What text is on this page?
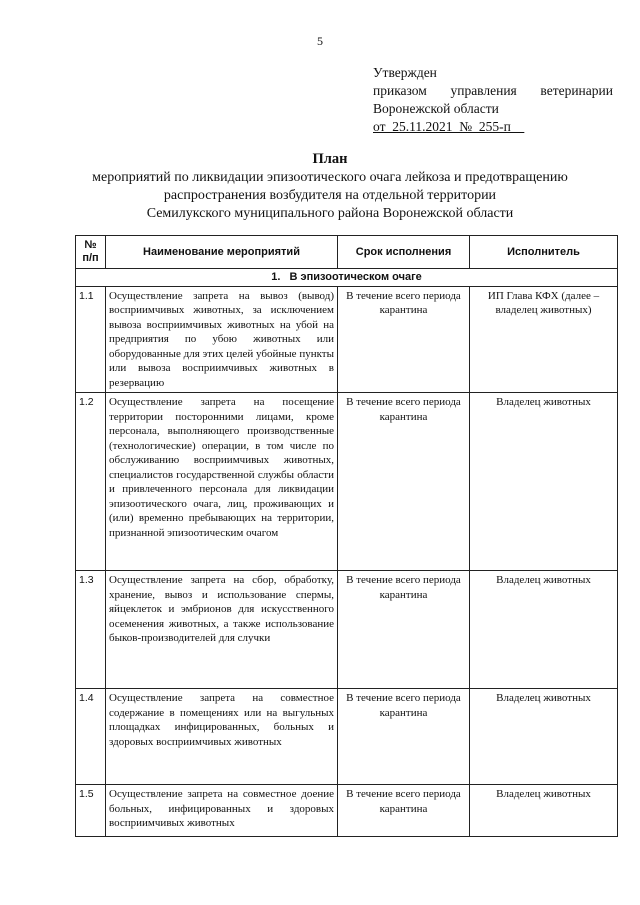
5
Утвержден
приказом управления ветеринарии
Воронежской области
от  25.11.2021  №  255-п
План
мероприятий по ликвидации эпизоотического очага лейкоза и предотвращению
распространения возбудителя на отдельной территории
Семилукского муниципального района Воронежской области
№
п/п	Наименование мероприятий	Срок исполнения	Исполнитель
1.   В эпизоотическом очаге			
1.1	Осуществление запрета на вывоз (вывод) восприимчивых животных, за исключением вывоза восприимчивых животных на убой на предприятия по убою животных или оборудованные для этих целей убойные пункты или вывоза восприимчивых животных в резервацию	В течение всего периода карантина	ИП Глава КФХ (далее – владелец животных)
1.2	Осуществление запрета на посещение территории посторонними лицами, кроме персонала, выполняющего производственные (технологические) операции, в том числе по обслуживанию восприимчивых животных, специалистов государственной службы области и привлеченного персонала для ликвидации эпизоотического очага, лиц, проживающих и (или) временно пребывающих на территории, признанной эпизоотическим очагом	В течение всего периода карантина	Владелец животных
1.3	Осуществление запрета на сбор, обработку, хранение, вывоз и использование спермы, яйцеклеток и эмбрионов для искусственного осеменения животных, а также использование быков-производителей для случки	В течение всего периода карантина	Владелец животных
1.4	Осуществление запрета на совместное содержание в помещениях или на выгульных площадках инфицированных, больных и здоровых восприимчивых животных	В течение всего периода карантина	Владелец животных
1.5	Осуществление запрета на совместное доение больных, инфицированных и здоровых восприимчивых животных	В течение всего периода карантина	Владелец животных
